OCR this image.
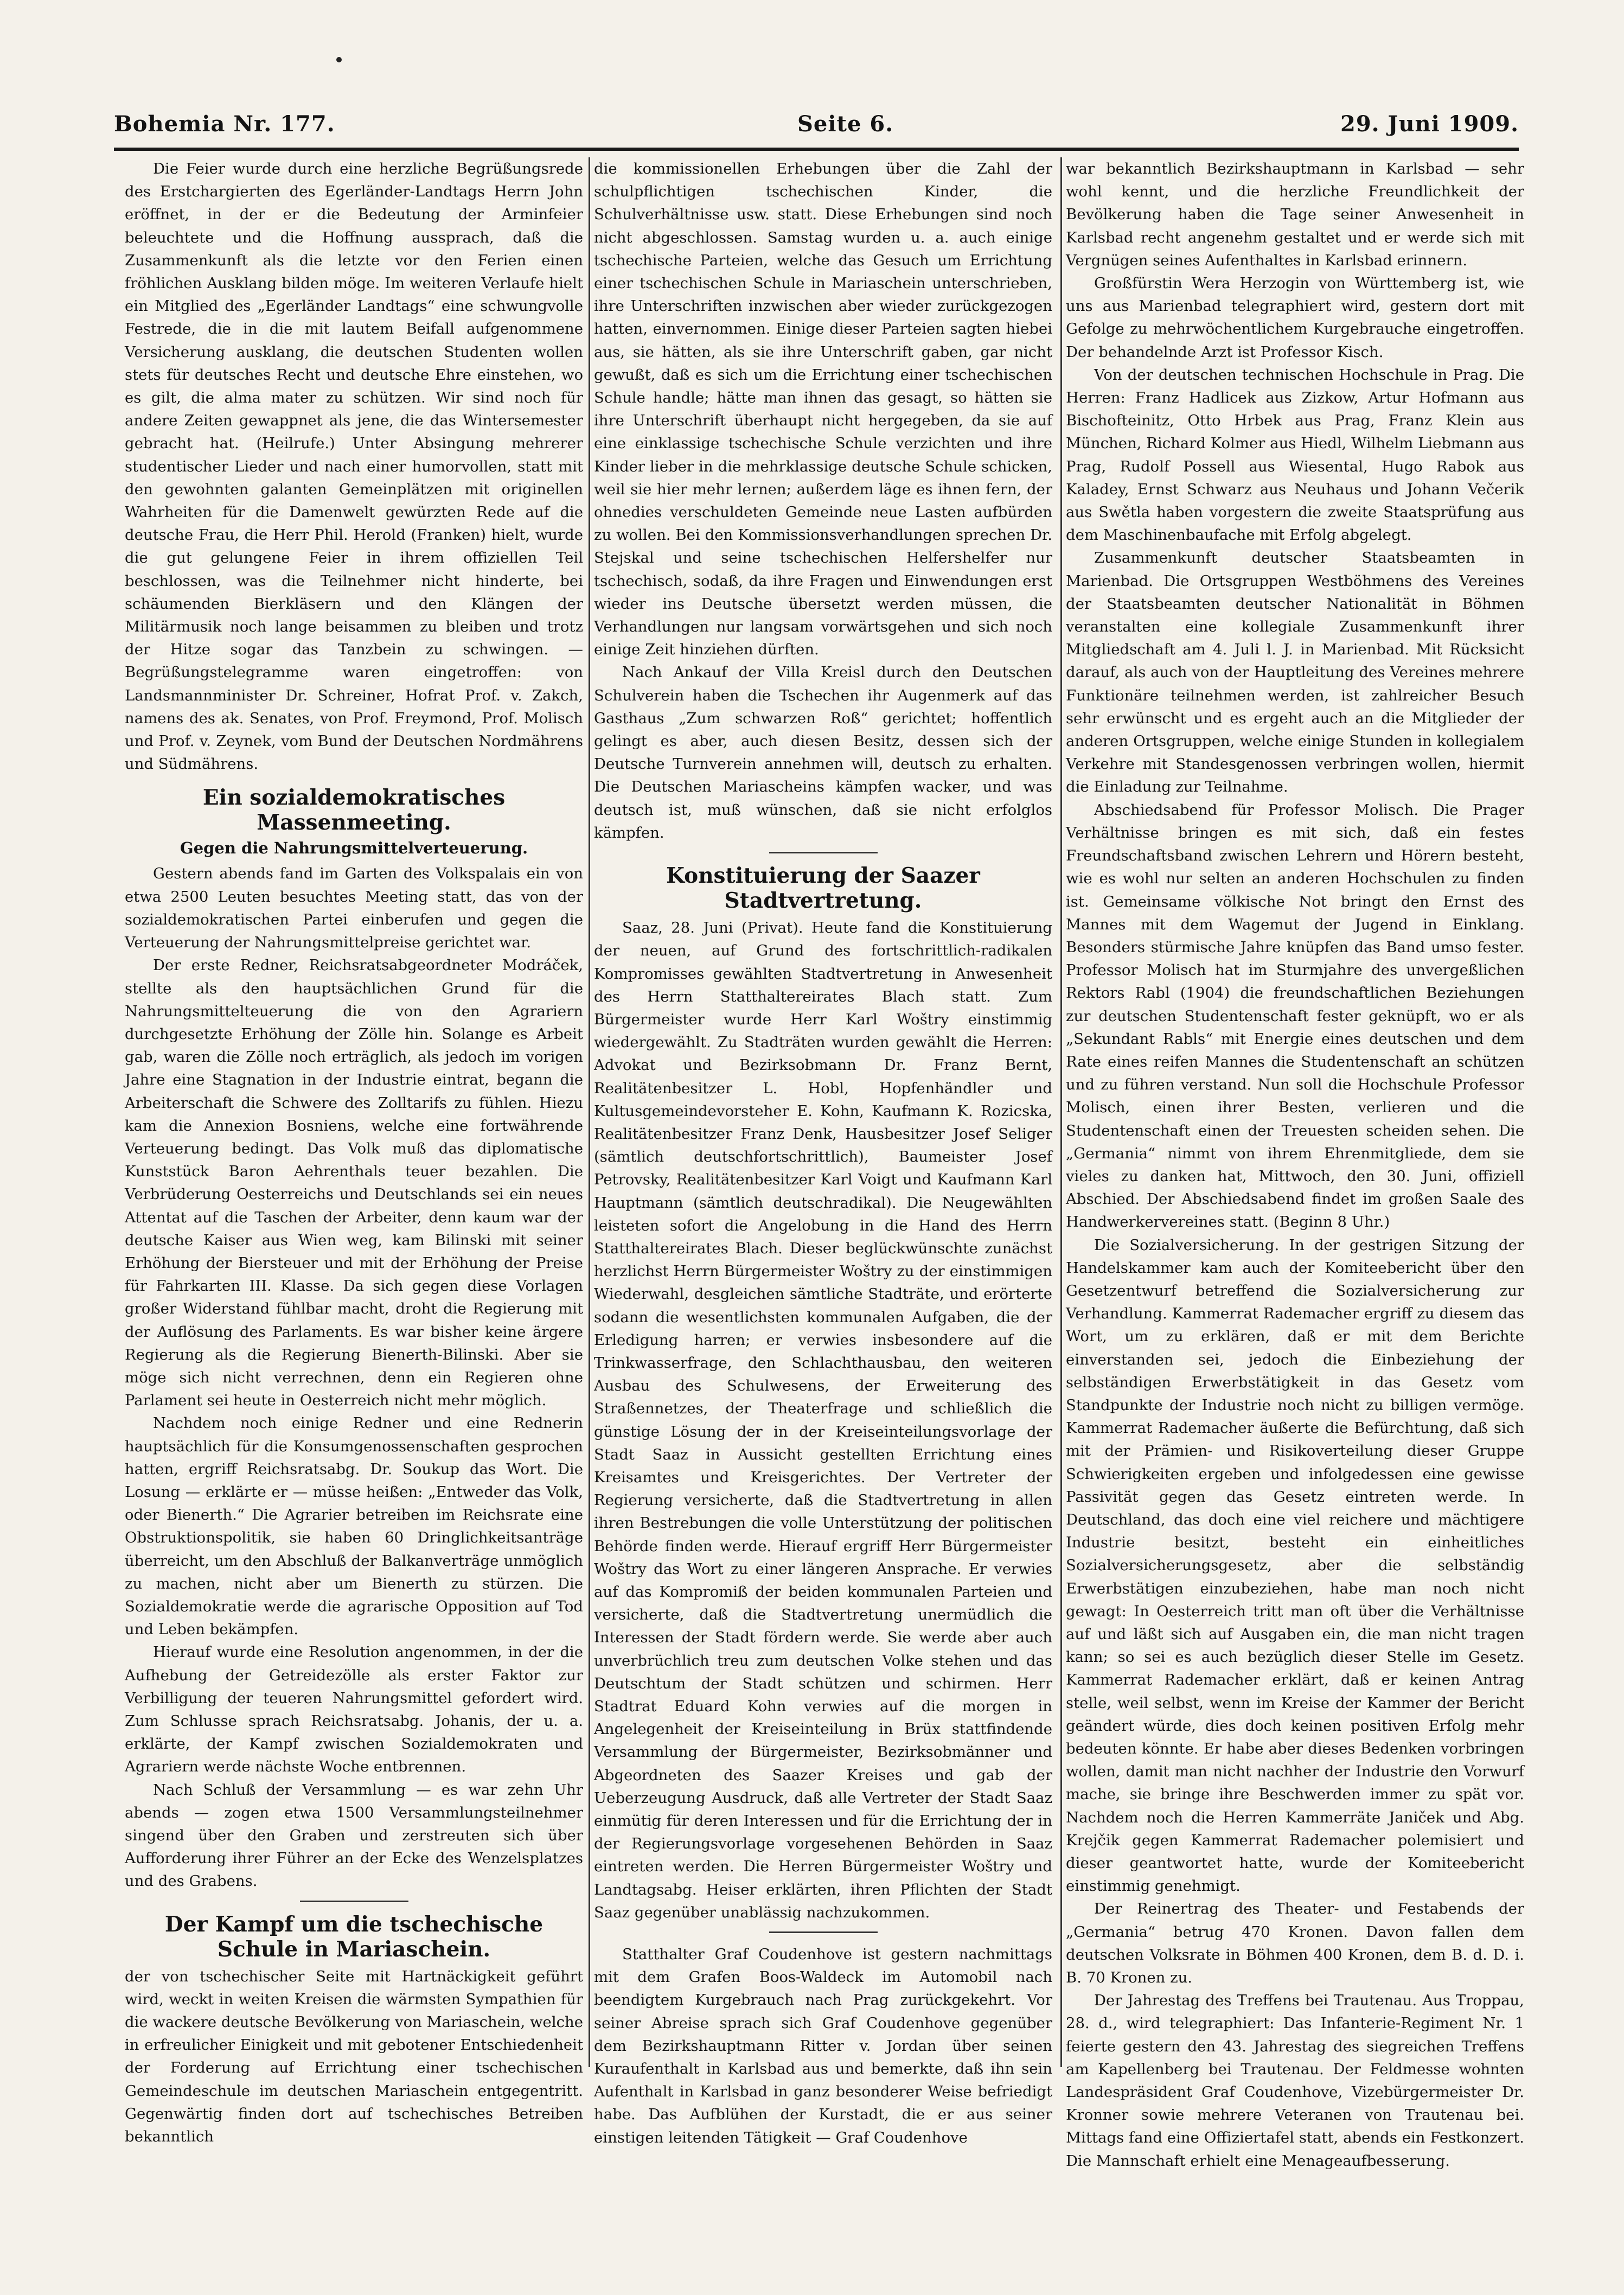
Bohemia Nr. 177.	Seite 6.	29. Juni 1909.

Die Feier wurde durch eine herzliche Begrüßungsrede des Erstchargierten des Egerländer-Landtags Herrn John eröffnet, in der er die Bedeutung der Arminfeier beleuchtete und die Hoffnung aussprach, daß die Zusammenkunft als die letzte vor den Ferien einen fröhlichen Ausklang bilden möge. Im weiteren Verlaufe hielt ein Mitglied des „Egerländer Landtags“ eine schwungvolle Festrede, die in die mit lautem Beifall aufgenommene Versicherung ausklang, die deutschen Studenten wollen stets für deutsches Recht und deutsche Ehre einstehen, wo es gilt, die alma mater zu schützen. Wir sind noch für andere Zeiten gewappnet als jene, die das Wintersemester gebracht hat. (Heilrufe.) Unter Absingung mehrerer studentischer Lieder und nach einer humorvollen, statt mit den gewohnten galanten Gemeinplätzen mit originellen Wahrheiten für die Damenwelt gewürzten Rede auf die deutsche Frau, die Herr Phil. Herold (Franken) hielt, wurde die gut gelungene Feier in ihrem offiziellen Teil beschlossen, was die Teilnehmer nicht hinderte, bei schäumenden Bierkläsern und den Klängen der Militärmusik noch lange beisammen zu bleiben und trotz der Hitze sogar das Tanzbein zu schwingen. — Begrüßungstelegramme waren eingetroffen: von Landsmannminister Dr. Schreiner, Hofrat Prof. v. Zakch, namens des ak. Senates, von Prof. Freymond, Prof. Molisch und Prof. v. Zeynek, vom Bund der Deutschen Nordmährens und Südmährens.

Ein sozialdemokratisches Massenmeeting.
Gegen die Nahrungsmittelverteuerung.

Gestern abends fand im Garten des Volkspalais ein von etwa 2500 Leuten besuchtes Meeting statt, das von der sozialdemokratischen Partei einberufen und gegen die Verteuerung der Nahrungsmittelpreise gerichtet war.

Der erste Redner, Reichsratsabgeordneter Modráček, stellte als den hauptsächlichen Grund für die Nahrungsmittelteuerung die von den Agrariern durchgesetzte Erhöhung der Zölle hin. Solange es Arbeit gab, waren die Zölle noch erträglich, als jedoch im vorigen Jahre eine Stagnation in der Industrie eintrat, begann die Arbeiterschaft die Schwere des Zolltarifs zu fühlen. Hiezu kam die Annexion Bosniens, welche eine fortwährende Verteuerung bedingt. Das Volk muß das diplomatische Kunststück Baron Aehrenthals teuer bezahlen. Die Verbrüderung Oesterreichs und Deutschlands sei ein neues Attentat auf die Taschen der Arbeiter, denn kaum war der deutsche Kaiser aus Wien weg, kam Bilinski mit seiner Erhöhung der Biersteuer und mit der Erhöhung der Preise für Fahrkarten III. Klasse. Da sich gegen diese Vorlagen großer Widerstand fühlbar macht, droht die Regierung mit der Auflösung des Parlaments. Es war bisher keine ärgere Regierung als die Regierung Bienerth-Bilinski. Aber sie möge sich nicht verrechnen, denn ein Regieren ohne Parlament sei heute in Oesterreich nicht mehr möglich.

Nachdem noch einige Redner und eine Rednerin hauptsächlich für die Konsumgenossenschaften gesprochen hatten, ergriff Reichsratsabg. Dr. Soukup das Wort. Die Losung — erklärte er — müsse heißen: „Entweder das Volk, oder Bienerth.“ Die Agrarier betreiben im Reichsrate eine Obstruktionspolitik, sie haben 60 Dringlichkeitsanträge überreicht, um den Abschluß der Balkanverträge unmöglich zu machen, nicht aber um Bienerth zu stürzen. Die Sozialdemokratie werde die agrarische Opposition auf Tod und Leben bekämpfen.

Hierauf wurde eine Resolution angenommen, in der die Aufhebung der Getreidezölle als erster Faktor zur Verbilligung der teueren Nahrungsmittel gefordert wird. Zum Schlusse sprach Reichsratsabg. Johanis, der u. a. erklärte, der Kampf zwischen Sozialdemokraten und Agrariern werde nächste Woche entbrennen.

Nach Schluß der Versammlung — es war zehn Uhr abends — zogen etwa 1500 Versammlungsteilnehmer singend über den Graben und zerstreuten sich über Aufforderung ihrer Führer an der Ecke des Wenzelsplatzes und des Grabens.

Der Kampf um die tschechische Schule in Mariaschein.

der von tschechischer Seite mit Hartnäckigkeit geführt wird, weckt in weiten Kreisen die wärmsten Sympathien für die wackere deutsche Bevölkerung von Mariaschein, welche in erfreulicher Einigkeit und mit gebotener Entschiedenheit der Forderung auf Errichtung einer tschechischen Gemeindeschule im deutschen Mariaschein entgegentritt. Gegenwärtig finden dort auf tschechisches Betreiben bekanntlich

die kommissionellen Erhebungen über die Zahl der schulpflichtigen tschechischen Kinder, die Schulverhältnisse usw. statt. Diese Erhebungen sind noch nicht abgeschlossen. Samstag wurden u. a. auch einige tschechische Parteien, welche das Gesuch um Errichtung einer tschechischen Schule in Mariaschein unterschrieben, ihre Unterschriften inzwischen aber wieder zurückgezogen hatten, einvernommen. Einige dieser Parteien sagten hiebei aus, sie hätten, als sie ihre Unterschrift gaben, gar nicht gewußt, daß es sich um die Errichtung einer tschechischen Schule handle; hätte man ihnen das gesagt, so hätten sie ihre Unterschrift überhaupt nicht hergegeben, da sie auf eine einklassige tschechische Schule verzichten und ihre Kinder lieber in die mehrklassige deutsche Schule schicken, weil sie hier mehr lernen; außerdem läge es ihnen fern, der ohnedies verschuldeten Gemeinde neue Lasten aufbürden zu wollen. Bei den Kommissionsverhandlungen sprechen Dr. Stejskal und seine tschechischen Helfershelfer nur tschechisch, sodaß, da ihre Fragen und Einwendungen erst wieder ins Deutsche übersetzt werden müssen, die Verhandlungen nur langsam vorwärtsgehen und sich noch einige Zeit hinziehen dürften.

Nach Ankauf der Villa Kreisl durch den Deutschen Schulverein haben die Tschechen ihr Augenmerk auf das Gasthaus „Zum schwarzen Roß“ gerichtet; hoffentlich gelingt es aber, auch diesen Besitz, dessen sich der Deutsche Turnverein annehmen will, deutsch zu erhalten. Die Deutschen Mariascheins kämpfen wacker, und was deutsch ist, muß wünschen, daß sie nicht erfolglos kämpfen.

Konstituierung der Saazer Stadtvertretung.

Saaz, 28. Juni (Privat). Heute fand die Konstituierung der neuen, auf Grund des fortschrittlich-radikalen Kompromisses gewählten Stadtvertretung in Anwesenheit des Herrn Statthaltereirates Blach statt. Zum Bürgermeister wurde Herr Karl Woštry einstimmig wiedergewählt. Zu Stadträten wurden gewählt die Herren: Advokat und Bezirksobmann Dr. Franz Bernt, Realitätenbesitzer L. Hobl, Hopfenhändler und Kultusgemeindevorsteher E. Kohn, Kaufmann K. Rozicska, Realitätenbesitzer Franz Denk, Hausbesitzer Josef Seliger (sämtlich deutschfortschrittlich), Baumeister Josef Petrovsky, Realitätenbesitzer Karl Voigt und Kaufmann Karl Hauptmann (sämtlich deutschradikal). Die Neugewählten leisteten sofort die Angelobung in die Hand des Herrn Statthaltereirates Blach. Dieser beglückwünschte zunächst herzlichst Herrn Bürgermeister Woštry zu der einstimmigen Wiederwahl, desgleichen sämtliche Stadträte, und erörterte sodann die wesentlichsten kommunalen Aufgaben, die der Erledigung harren; er verwies insbesondere auf die Trinkwasserfrage, den Schlachthausbau, den weiteren Ausbau des Schulwesens, der Erweiterung des Straßennetzes, der Theaterfrage und schließlich die günstige Lösung der in der Kreiseinteilungsvorlage der Stadt Saaz in Aussicht gestellten Errichtung eines Kreisamtes und Kreisgerichtes. Der Vertreter der Regierung versicherte, daß die Stadtvertretung in allen ihren Bestrebungen die volle Unterstützung der politischen Behörde finden werde. Hierauf ergriff Herr Bürgermeister Woštry das Wort zu einer längeren Ansprache. Er verwies auf das Kompromiß der beiden kommunalen Parteien und versicherte, daß die Stadtvertretung unermüdlich die Interessen der Stadt fördern werde. Sie werde aber auch unverbrüchlich treu zum deutschen Volke stehen und das Deutschtum der Stadt schützen und schirmen. Herr Stadtrat Eduard Kohn verwies auf die morgen in Angelegenheit der Kreiseinteilung in Brüx stattfindende Versammlung der Bürgermeister, Bezirksobmänner und Abgeordneten des Saazer Kreises und gab der Ueberzeugung Ausdruck, daß alle Vertreter der Stadt Saaz einmütig für deren Interessen und für die Errichtung der in der Regierungsvorlage vorgesehenen Behörden in Saaz eintreten werden. Die Herren Bürgermeister Woštry und Landtagsabg. Heiser erklärten, ihren Pflichten der Stadt Saaz gegenüber unablässig nachzukommen.

Statthalter Graf Coudenhove ist gestern nachmittags mit dem Grafen Boos-Waldeck im Automobil nach beendigtem Kurgebrauch nach Prag zurückgekehrt. Vor seiner Abreise sprach sich Graf Coudenhove gegenüber dem Bezirkshauptmann Ritter v. Jordan über seinen Kuraufenthalt in Karlsbad aus und bemerkte, daß ihn sein Aufenthalt in Karlsbad in ganz besonderer Weise befriedigt habe. Das Aufblühen der Kurstadt, die er aus seiner einstigen leitenden Tätigkeit — Graf Coudenhove

war bekanntlich Bezirkshauptmann in Karlsbad — sehr wohl kennt, und die herzliche Freundlichkeit der Bevölkerung haben die Tage seiner Anwesenheit in Karlsbad recht angenehm gestaltet und er werde sich mit Vergnügen seines Aufenthaltes in Karlsbad erinnern.

Großfürstin Wera Herzogin von Württemberg ist, wie uns aus Marienbad telegraphiert wird, gestern dort mit Gefolge zu mehrwöchentlichem Kurgebrauche eingetroffen. Der behandelnde Arzt ist Professor Kisch.

Von der deutschen technischen Hochschule in Prag. Die Herren: Franz Hadlicek aus Zizkow, Artur Hofmann aus Bischofteinitz, Otto Hrbek aus Prag, Franz Klein aus München, Richard Kolmer aus Hiedl, Wilhelm Liebmann aus Prag, Rudolf Possell aus Wiesental, Hugo Rabok aus Kaladey, Ernst Schwarz aus Neuhaus und Johann Večerik aus Swětla haben vorgestern die zweite Staatsprüfung aus dem Maschinenbaufache mit Erfolg abgelegt.

Zusammenkunft deutscher Staatsbeamten in Marienbad. Die Ortsgruppen Westböhmens des Vereines der Staatsbeamten deutscher Nationalität in Böhmen veranstalten eine kollegiale Zusammenkunft ihrer Mitgliedschaft am 4. Juli l. J. in Marienbad. Mit Rücksicht darauf, als auch von der Hauptleitung des Vereines mehrere Funktionäre teilnehmen werden, ist zahlreicher Besuch sehr erwünscht und es ergeht auch an die Mitglieder der anderen Ortsgruppen, welche einige Stunden in kollegialem Verkehre mit Standesgenossen verbringen wollen, hiermit die Einladung zur Teilnahme.

Abschiedsabend für Professor Molisch. Die Prager Verhältnisse bringen es mit sich, daß ein festes Freundschaftsband zwischen Lehrern und Hörern besteht, wie es wohl nur selten an anderen Hochschulen zu finden ist. Gemeinsame völkische Not bringt den Ernst des Mannes mit dem Wagemut der Jugend in Einklang. Besonders stürmische Jahre knüpfen das Band umso fester. Professor Molisch hat im Sturmjahre des unvergeßlichen Rektors Rabl (1904) die freundschaftlichen Beziehungen zur deutschen Studentenschaft fester geknüpft, wo er als „Sekundant Rabls“ mit Energie eines deutschen und dem Rate eines reifen Mannes die Studentenschaft an schützen und zu führen verstand. Nun soll die Hochschule Professor Molisch, einen ihrer Besten, verlieren und die Studentenschaft einen der Treuesten scheiden sehen. Die „Germania“ nimmt von ihrem Ehrenmitgliede, dem sie vieles zu danken hat, Mittwoch, den 30. Juni, offiziell Abschied. Der Abschiedsabend findet im großen Saale des Handwerkervereines statt. (Beginn 8 Uhr.)

Die Sozialversicherung. In der gestrigen Sitzung der Handelskammer kam auch der Komiteebericht über den Gesetzentwurf betreffend die Sozialversicherung zur Verhandlung. Kammerrat Rademacher ergriff zu diesem das Wort, um zu erklären, daß er mit dem Berichte einverstanden sei, jedoch die Einbeziehung der selbständigen Erwerbstätigkeit in das Gesetz vom Standpunkte der Industrie noch nicht zu billigen vermöge. Kammerrat Rademacher äußerte die Befürchtung, daß sich mit der Prämien- und Risikoverteilung dieser Gruppe Schwierigkeiten ergeben und infolgedessen eine gewisse Passivität gegen das Gesetz eintreten werde. In Deutschland, das doch eine viel reichere und mächtigere Industrie besitzt, besteht ein einheitliches Sozialversicherungsgesetz, aber die selbständig Erwerbstätigen einzubeziehen, habe man noch nicht gewagt: In Oesterreich tritt man oft über die Verhältnisse auf und läßt sich auf Ausgaben ein, die man nicht tragen kann; so sei es auch bezüglich dieser Stelle im Gesetz. Kammerrat Rademacher erklärt, daß er keinen Antrag stelle, weil selbst, wenn im Kreise der Kammer der Bericht geändert würde, dies doch keinen positiven Erfolg mehr bedeuten könnte. Er habe aber dieses Bedenken vorbringen wollen, damit man nicht nachher der Industrie den Vorwurf mache, sie bringe ihre Beschwerden immer zu spät vor. Nachdem noch die Herren Kammerräte Janiček und Abg. Krejčik gegen Kammerrat Rademacher polemisiert und dieser geantwortet hatte, wurde der Komiteebericht einstimmig genehmigt.

Der Reinertrag des Theater- und Festabends der „Germania“ betrug 470 Kronen. Davon fallen dem deutschen Volksrate in Böhmen 400 Kronen, dem B. d. D. i. B. 70 Kronen zu.

Der Jahrestag des Treffens bei Trautenau. Aus Troppau, 28. d., wird telegraphiert: Das Infanterie-Regiment Nr. 1 feierte gestern den 43. Jahrestag des siegreichen Treffens am Kapellenberg bei Trautenau. Der Feldmesse wohnten Landespräsident Graf Coudenhove, Vizebürgermeister Dr. Kronner sowie mehrere Veteranen von Trautenau bei. Mittags fand eine Offiziertafel statt, abends ein Festkonzert. Die Mannschaft erhielt eine Menageaufbesserung.
